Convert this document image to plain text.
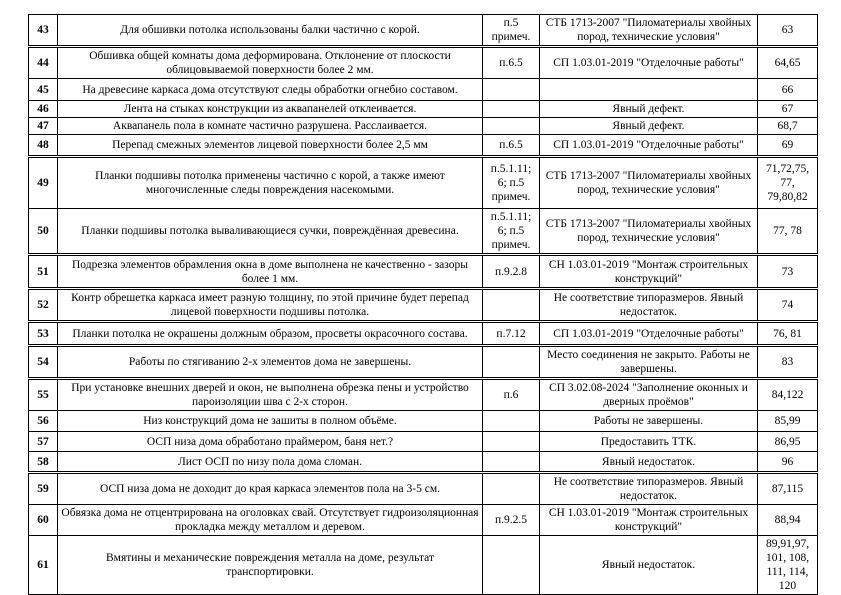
43	Для обшивки потолка использованы балки частично с корой.	п.5 примеч.	СТБ 1713-2007 "Пиломатериалы хвойных пород, технические условия"	63
44	Обшивка общей комнаты дома деформирована. Отклонение от плоскости облицовываемой поверхности более 2 мм.	п.6.5	СП 1.03.01-2019 "Отделочные работы"	64,65
45	На древесине каркаса дома отсутствуют следы обработки огнебио составом.			66
46	Лента на стыках конструкции из аквапанелей отклеивается.		Явный дефект.	67
47	Аквапанель пола в комнате частично разрушена. Расслаивается.		Явный дефект.	68,7
48	Перепад смежных элементов лицевой поверхности более 2,5 мм	п.6.5	СП 1.03.01-2019 "Отделочные работы"	69
49	Планки подшивы потолка применены частично с корой, а также имеют многочисленные следы повреждения насекомыми.	п.5.1.11; 6; п.5 примеч.	СТБ 1713-2007 "Пиломатериалы хвойных пород, технические условия"	71,72,75, 77, 79,80,82
50	Планки подшивы потолка вываливающиеся сучки, повреждённая древесина.	п.5.1.11; 6; п.5 примеч.	СТБ 1713-2007 "Пиломатериалы хвойных пород, технические условия"	77, 78
51	Подрезка элементов обрамления окна в доме выполнена не качественно - зазоры более 1 мм.	п.9.2.8	СН 1.03.01-2019 "Монтаж строительных конструкций"	73
52	Контр обрешетка каркаса имеет разную толщину, по этой причине будет перепад лицевой поверхности подшивы потолка.		Не соответствие типоразмеров. Явный недостаток.	74
53	Планки потолка не окрашены должным образом, просветы окрасочного состава.	п.7.12	СП 1.03.01-2019 "Отделочные работы"	76, 81
54	Работы по стягиванию 2-х элементов дома не завершены.		Место соединения не закрыто. Работы не завершены.	83
55	При установке внешних дверей и окон, не выполнена обрезка пены и устройство пароизоляции шва с 2-х сторон.	п.6	СП 3.02.08-2024 "Заполнение оконных и дверных проёмов"	84,122
56	Низ конструкций дома не зашиты в полном объёме.		Работы не завершены.	85,99
57	ОСП низа дома обработано праймером, баня нет.?		Предоставить ТТК.	86,95
58	Лист ОСП по низу пола дома сломан.		Явный недостаток.	96
59	ОСП низа дома не доходит до края каркаса элементов пола на 3-5 см.		Не соответствие типоразмеров. Явный недостаток.	87,115
60	Обвязка дома не отцентрирована на оголовках свай. Отсутствует гидроизоляционная прокладка между металлом и деревом.	п.9.2.5	СН 1.03.01-2019 "Монтаж строительных конструкций"	88,94
61	Вмятины и механические повреждения металла на доме, результат транспортировки.		Явный недостаток.	89,91,97, 101, 108, 111, 114, 120
